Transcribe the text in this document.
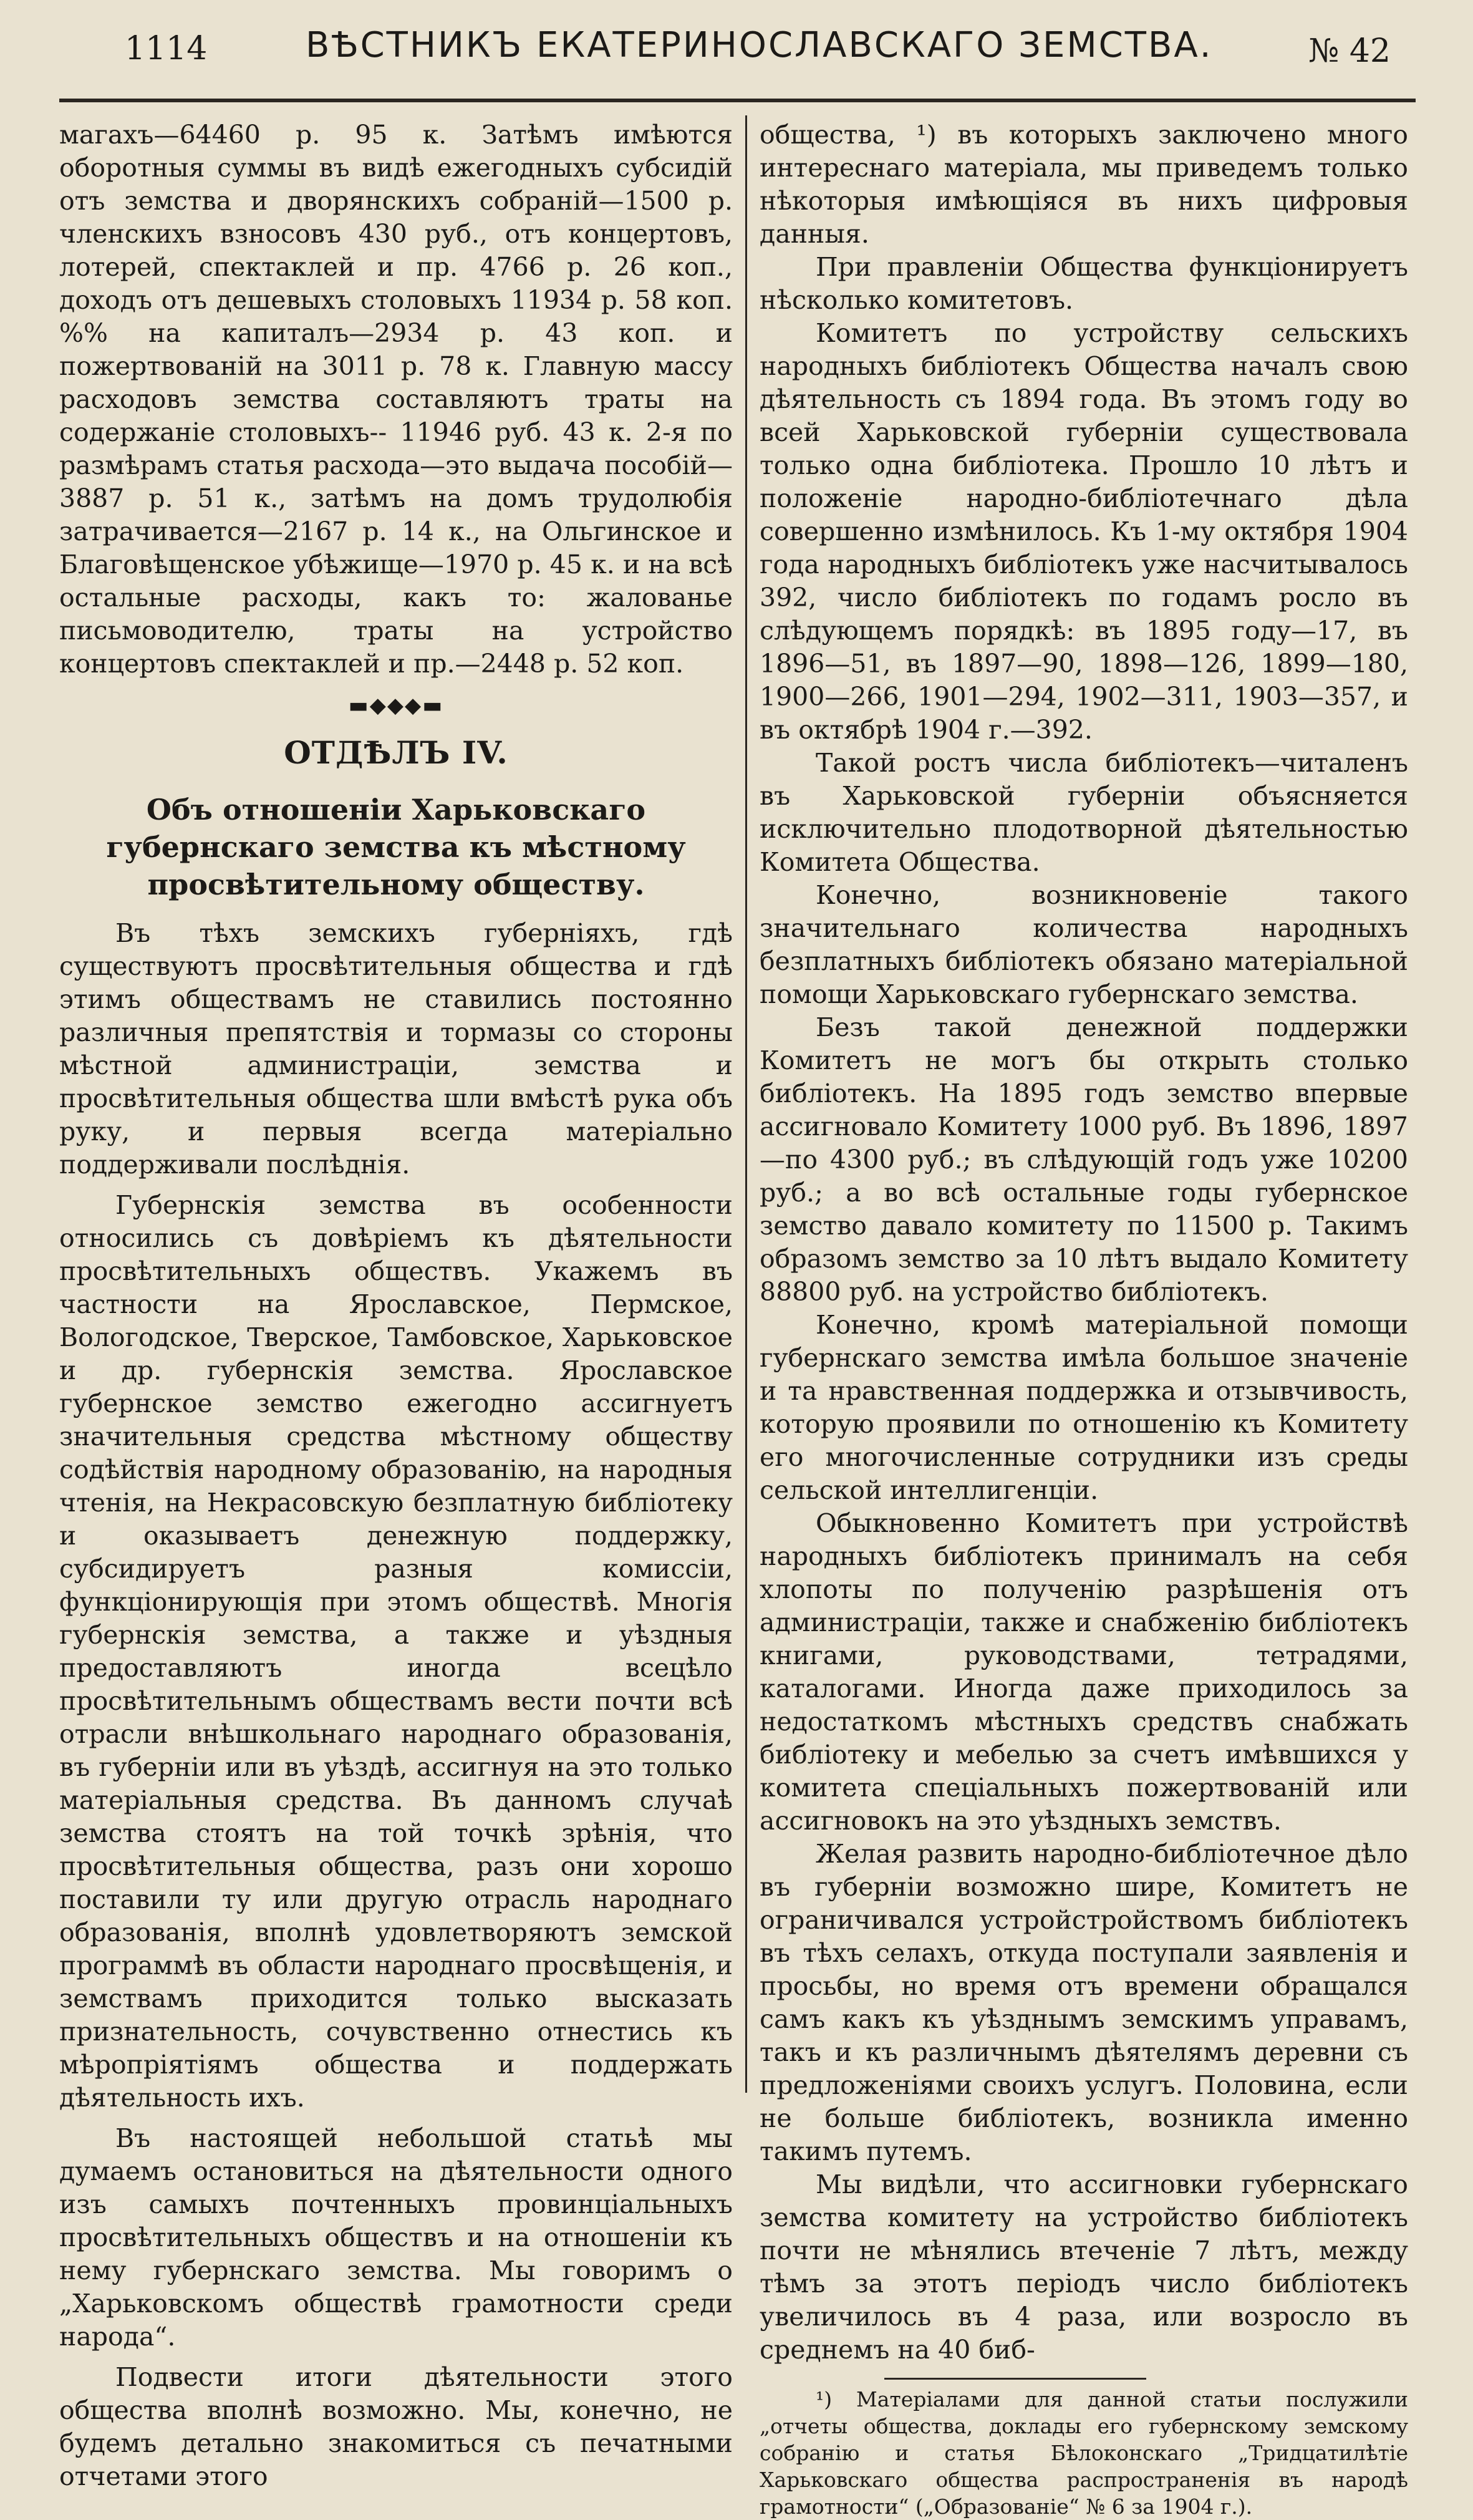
1114	ВѢСТНИКЪ ЕКАТЕРИНОСЛАВСКАГО ЗЕМСТВА.	№ 42

магахъ—64460 р. 95 к. Затѣмъ имѣются оборотныя суммы въ видѣ ежегодныхъ субсидій отъ земства и дворянскихъ собраній—1500 р. членскихъ взносовъ 430 руб., отъ концертовъ, лотерей, спектаклей и пр. 4766 р. 26 коп., доходъ отъ дешевыхъ столовыхъ 11934 р. 58 коп. %% на капиталъ—2934 р. 43 коп. и пожертвованій на 3011 р. 78 к. Главную массу расходовъ земства составляютъ траты на содержаніе столовыхъ-- 11946 руб. 43 к. 2-я по размѣрамъ статья расхода—это выдача пособій—3887 р. 51 к., затѣмъ на домъ трудолюбія затрачивается—2167 р. 14 к., на Ольгинское и Благовѣщенское убѣжище—1970 р. 45 к. и на всѣ остальные расходы, какъ то: жалованье письмоводителю, траты на устройство концертовъ спектаклей и пр.—2448 р. 52 коп.

▬◆◆◆▬
ОТДѢЛЪ IV.
Объ отношеніи Харьковскаго губернскаго земства къ мѣстному просвѣтительному обществу.

Въ тѣхъ земскихъ губерніяхъ, гдѣ существуютъ просвѣтительныя общества и гдѣ этимъ обществамъ не ставились постоянно различныя препятствія и тормазы со стороны мѣстной администраціи, земства и просвѣтительныя общества шли вмѣстѣ рука объ руку, и первыя всегда матеріально поддерживали послѣднія.

Губернскія земства въ особенности относились съ довѣріемъ къ дѣятельности просвѣтительныхъ обществъ. Укажемъ въ частности на Ярославское, Пермское, Вологодское, Тверское, Тамбовское, Харьковское и др. губернскія земства. Ярославское губернское земство ежегодно ассигнуетъ значительныя средства мѣстному обществу содѣйствія народному образованію, на народныя чтенія, на Некрасовскую безплатную библіотеку и оказываетъ денежную поддержку, субсидируетъ разныя комиссіи, функціонирующія при этомъ обществѣ. Многія губернскія земства, а также и уѣздныя предоставляютъ иногда всецѣло просвѣтительнымъ обществамъ вести почти всѣ отрасли внѣшкольнаго народнаго образованія, въ губерніи или въ уѣздѣ, ассигнуя на это только матеріальныя средства. Въ данномъ случаѣ земства стоятъ на той точкѣ зрѣнія, что просвѣтительныя общества, разъ они хорошо поставили ту или другую отрасль народнаго образованія, вполнѣ удовлетворяютъ земской программѣ въ области народнаго просвѣщенія, и земствамъ приходится только высказать признательность, сочувственно отнестись къ мѣропріятіямъ общества и поддержать дѣятельность ихъ.

Въ настоящей небольшой статьѣ мы думаемъ остановиться на дѣятельности одного изъ самыхъ почтенныхъ провинціальныхъ просвѣтительныхъ обществъ и на отношеніи къ нему губернскаго земства. Мы говоримъ о „Харьковскомъ обществѣ грамотности среди народа“.

Подвести итоги дѣятельности этого общества вполнѣ возможно. Мы, конечно, не будемъ детально знакомиться съ печатными отчетами этого

общества, ¹) въ которыхъ заключено много интереснаго матеріала, мы приведемъ только нѣкоторыя имѣющіяся въ нихъ цифровыя данныя.

При правленіи Общества функціонируетъ нѣсколько комитетовъ.

Комитетъ по устройству сельскихъ народныхъ библіотекъ Общества началъ свою дѣятельность съ 1894 года. Въ этомъ году во всей Харьковской губерніи существовала только одна библіотека. Прошло 10 лѣтъ и положеніе народно-библіотечнаго дѣла совершенно измѣнилось. Къ 1-му октября 1904 года народныхъ библіотекъ уже насчитывалось 392, число библіотекъ по годамъ росло въ слѣдующемъ порядкѣ: въ 1895 году—17, въ 1896—51, въ 1897—90, 1898—126, 1899—180, 1900—266, 1901—294, 1902—311, 1903—357, и въ октябрѣ 1904 г.—392.

Такой ростъ числа библіотекъ—читаленъ въ Харьковской губерніи объясняется исключительно плодотворной дѣятельностью Комитета Общества.

Конечно, возникновеніе такого значительнаго количества народныхъ безплатныхъ библіотекъ обязано матеріальной помощи Харьковскаго губернскаго земства.

Безъ такой денежной поддержки Комитетъ не могъ бы открыть столько библіотекъ. На 1895 годъ земство впервые ассигновало Комитету 1000 руб. Въ 1896, 1897—по 4300 руб.; въ слѣдующій годъ уже 10200 руб.; а во всѣ остальные годы губернское земство давало комитету по 11500 р. Такимъ образомъ земство за 10 лѣтъ выдало Комитету 88800 руб. на устройство библіотекъ.

Конечно, кромѣ матеріальной помощи губернскаго земства имѣла большое значеніе и та нравственная поддержка и отзывчивость, которую проявили по отношенію къ Комитету его многочисленные сотрудники изъ среды сельской интеллигенціи.

Обыкновенно Комитетъ при устройствѣ народныхъ библіотекъ принималъ на себя хлопоты по полученію разрѣшенія отъ администраціи, также и снабженію библіотекъ книгами, руководствами, тетрадями, каталогами. Иногда даже приходилось за недостаткомъ мѣстныхъ средствъ снабжать библіотеку и мебелью за счетъ имѣвшихся у комитета спеціальныхъ пожертвованій или ассигновокъ на это уѣздныхъ земствъ.

Желая развить народно-библіотечное дѣло въ губерніи возможно шире, Комитетъ не ограничивался устройстройствомъ библіотекъ въ тѣхъ селахъ, откуда поступали заявленія и просьбы, но время отъ времени обращался самъ какъ къ уѣзднымъ земскимъ управамъ, такъ и къ различнымъ дѣятелямъ деревни съ предложеніями своихъ услугъ. Половина, если не больше библіотекъ, возникла именно такимъ путемъ.

Мы видѣли, что ассигновки губернскаго земства комитету на устройство библіотекъ почти не мѣнялись втеченіе 7 лѣтъ, между тѣмъ за этотъ періодъ число библіотекъ увеличилось въ 4 раза, или возросло въ среднемъ на 40 биб-

¹) Матеріалами для данной статьи послужили „отчеты общества, доклады его губернскому земскому собранію и статья Бѣлоконскаго „Тридцатилѣтіе Харьковскаго общества распространенія въ народѣ грамотности“ („Образованіе“ № 6 за 1904 г.).
